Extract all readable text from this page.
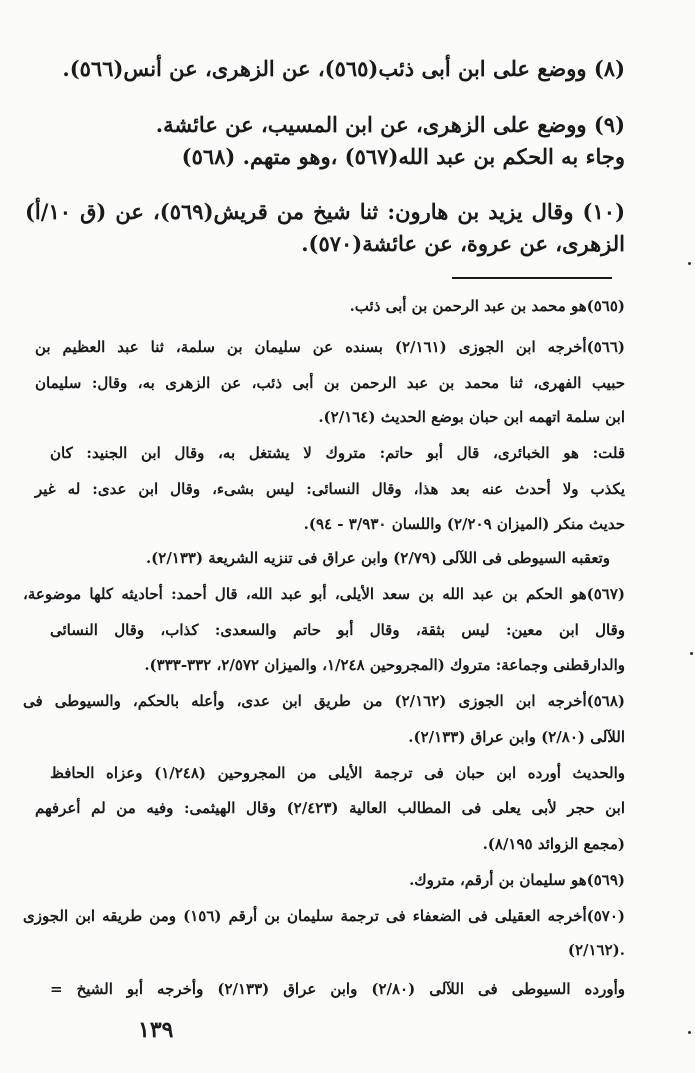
(٨) ووضع على ابن أبى ذئب(٥٦٥)، عن الزهرى، عن أنس(٥٦٦).

(٩) ووضع على الزهرى، عن ابن المسيب، عن عائشة.

وجاء به الحكم بن عبد الله(٥٦٧) ،وهو متهم. (٥٦٨)

(١٠) وقال يزيد بن هارون: ثنا شيخ من قريش(٥٦٩)، عن (ق ١٠/أ)

الزهرى، عن عروة، عن عائشة(٥٧٠).

(٥٦٥)هو محمد بن عبد الرحمن بن أبى ذئب.

(٥٦٦)أخرجه ابن الجوزى (٢/١٦١) بسنده عن سليمان بن سلمة، ثنا عبد العظيم بن

حبيب الفهرى، ثنا محمد بن عبد الرحمن بن أبى ذئب، عن الزهرى به، وقال: سليمان

ابن سلمة اتهمه ابن حبان بوضع الحديث (٢/١٦٤).

قلت: هو الخبائرى، قال أبو حاتم: متروك لا يشتغل به، وقال ابن الجنيد: كان

يكذب ولا أحدث عنه بعد هذا، وقال النسائى: ليس بشىء، وقال ابن عدى: له غير

حديث منكر (الميزان ٢/٢٠٩) واللسان ٣/٩٣٠ - ٩٤).

وتعقبه السيوطى فى اللآلى (٢/٧٩) وابن عراق فى تنزيه الشريعة (٢/١٣٣).

(٥٦٧)هو الحكم بن عبد الله بن سعد الأيلى، أبو عبد الله، قال أحمد: أحاديثه كلها موضوعة،

وقال ابن معين: ليس بثقة، وقال أبو حاتم والسعدى: كذاب، وقال النسائى

والدارقطنى وجماعة: متروك (المجروحين ١/٢٤٨، والميزان ٢/٥٧٢، ٣٣٢-٣٣٣).

(٥٦٨)أخرجه ابن الجوزى (٢/١٦٢) من طريق ابن عدى، وأعله بالحكم، والسيوطى فى

اللآلى (٢/٨٠) وابن عراق (٢/١٣٣).

والحديث أورده ابن حبان فى ترجمة الأيلى من المجروحين (١/٢٤٨) وعزاه الحافظ

ابن حجر لأبى يعلى فى المطالب العالية (٢/٤٢٣) وقال الهيثمى: وفيه من لم أعرفهم

(مجمع الزوائد ٨/١٩٥).

(٥٦٩)هو سليمان بن أرقم، متروك.

(٥٧٠)أخرجه العقيلى فى الضعفاء فى ترجمة سليمان بن أرقم (١٥٦) ومن طريقه ابن الجوزى

(٢/١٦٢).

وأورده السيوطى فى اللآلى (٢/٨٠) وابن عراق (٢/١٣٣) وأخرجه أبو الشيخ =

١٣٩
